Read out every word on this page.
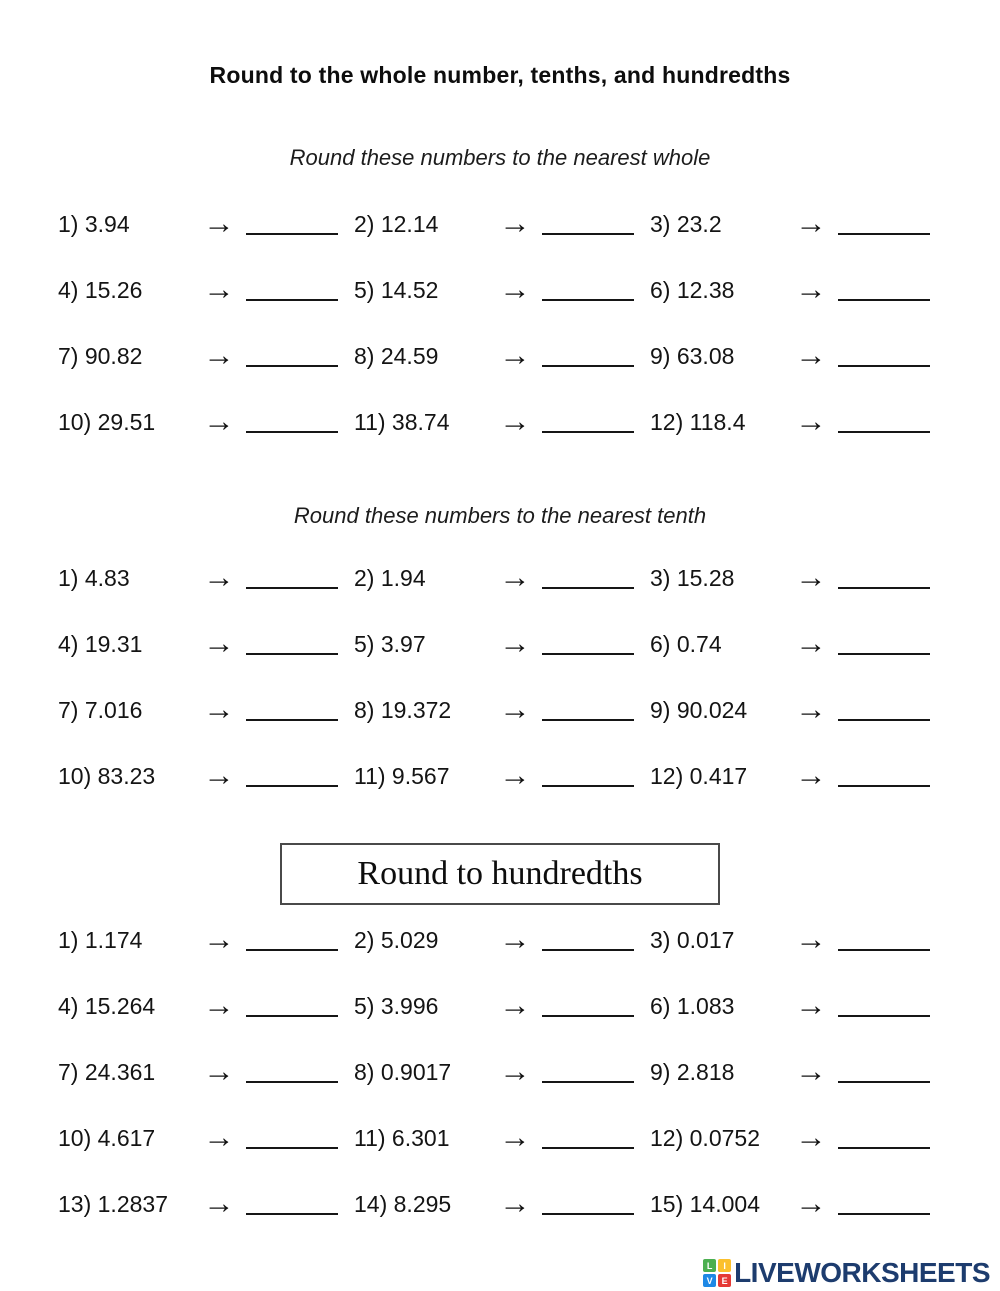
Round to the whole number, tenths, and hundredths
Round these numbers to the nearest whole
1) 3.94	→	2) 12.14	→	3) 23.2	→
4) 15.26	→	5) 14.52	→	6) 12.38	→
7) 90.82	→	8) 24.59	→	9) 63.08	→
10) 29.51	→	11) 38.74	→	12) 118.4	→
Round these numbers to the nearest tenth
1) 4.83	→	2) 1.94	→	3) 15.28	→
4) 19.31	→	5) 3.97	→	6) 0.74	→
7) 7.016	→	8) 19.372	→	9) 90.024	→
10) 83.23	→	11) 9.567	→	12) 0.417	→
Round to hundredths
1) 1.174	→	2) 5.029	→	3) 0.017	→
4) 15.264	→	5) 3.996	→	6) 1.083	→
7) 24.361	→	8) 0.9017	→	9) 2.818	→
10) 4.617	→	11) 6.301	→	12) 0.0752	→
13) 1.2837	→	14) 8.295	→	15) 14.004	→
L	I
V E LIVEWORKSHEETS
